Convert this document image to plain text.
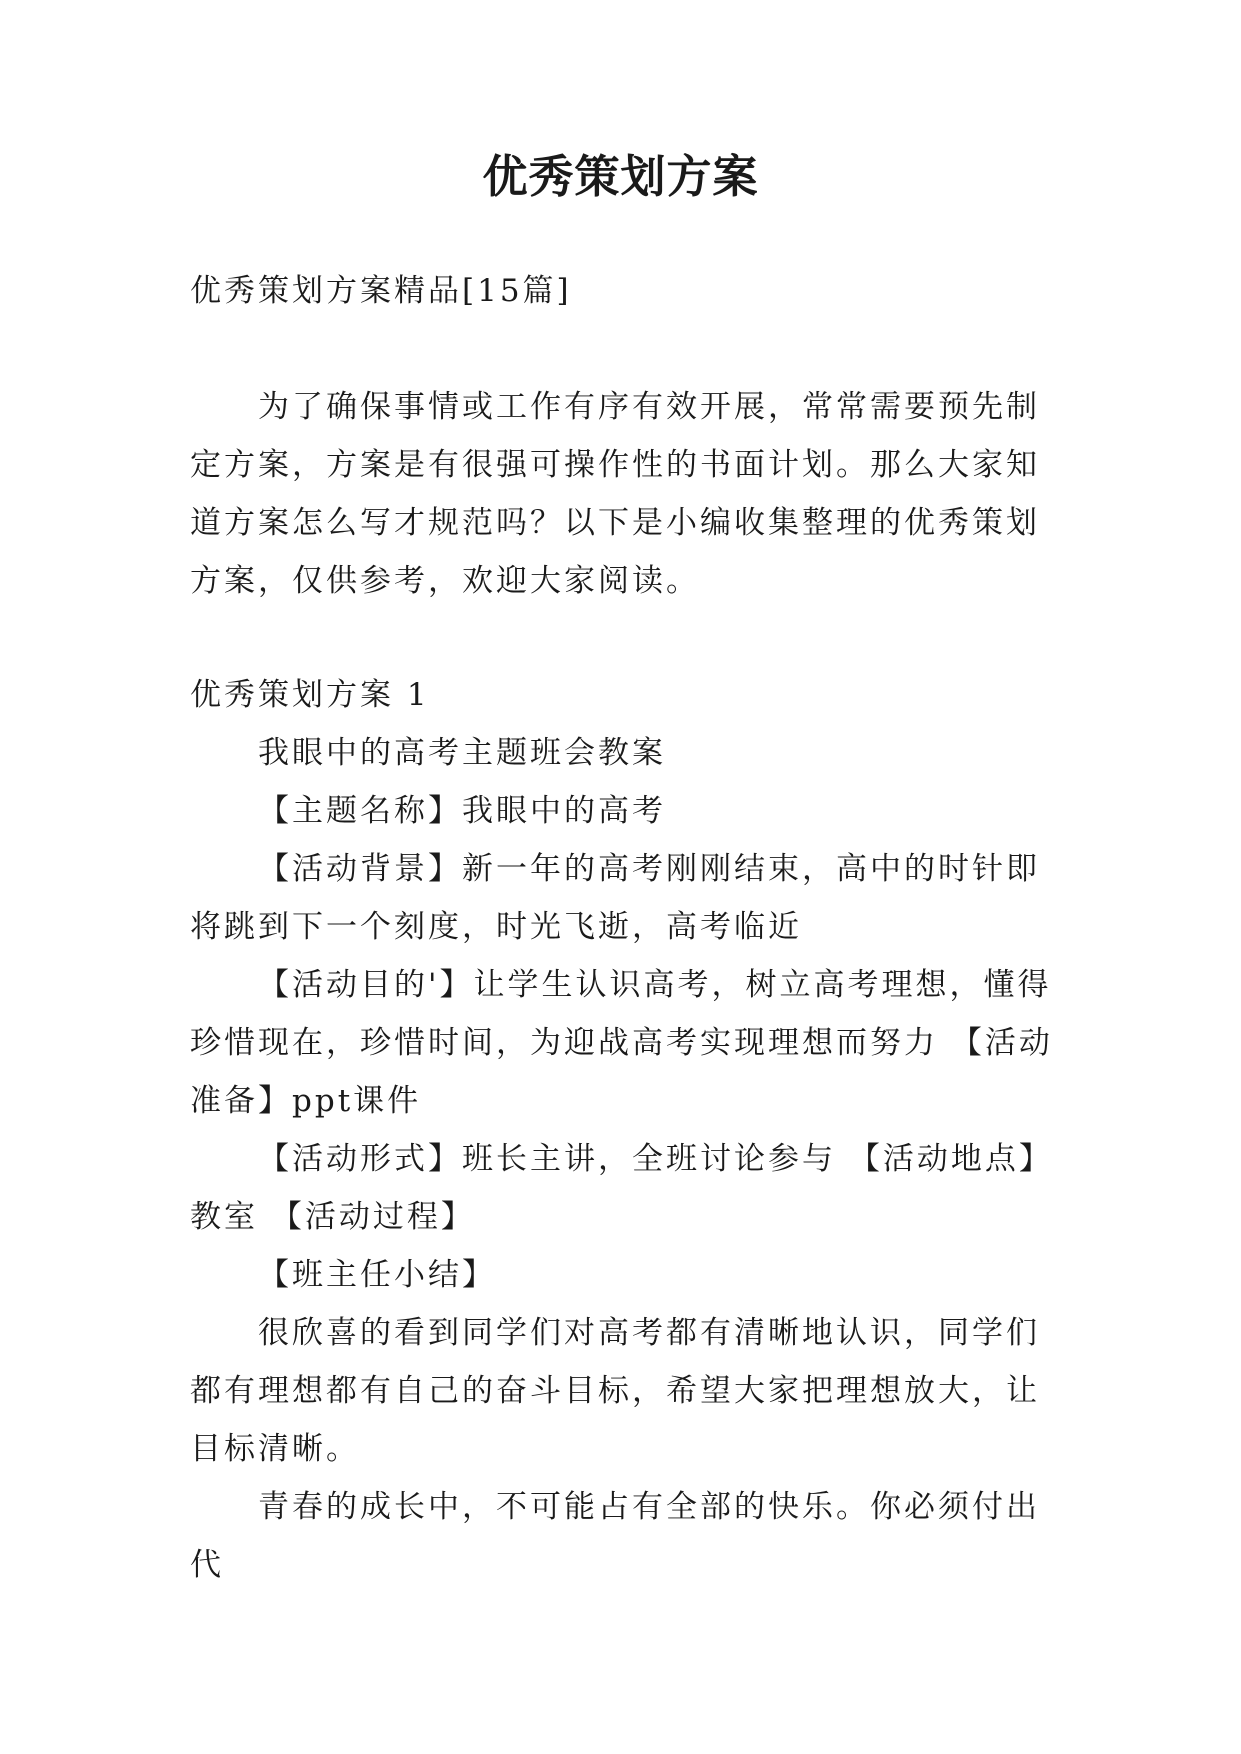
优秀策划方案

优秀策划方案精品[15篇]

为了确保事情或工作有序有效开展，常常需要预先制定方案，方案是有很强可操作性的书面计划。那么大家知道方案怎么写才规范吗？以下是小编收集整理的优秀策划方案，仅供参考，欢迎大家阅读。

优秀策划方案 1

我眼中的高考主题班会教案

【主题名称】我眼中的高考

【活动背景】新一年的高考刚刚结束，高中的时针即将跳到下一个刻度，时光飞逝，高考临近

【活动目的'】让学生认识高考，树立高考理想，懂得珍惜现在，珍惜时间，为迎战高考实现理想而努力 【活动准备】ppt课件

【活动形式】班长主讲，全班讨论参与 【活动地点】教室 【活动过程】

【班主任小结】

很欣喜的看到同学们对高考都有清晰地认识，同学们都有理想都有自己的奋斗目标，希望大家把理想放大，让目标清晰。

青春的成长中，不可能占有全部的快乐。你必须付出代
